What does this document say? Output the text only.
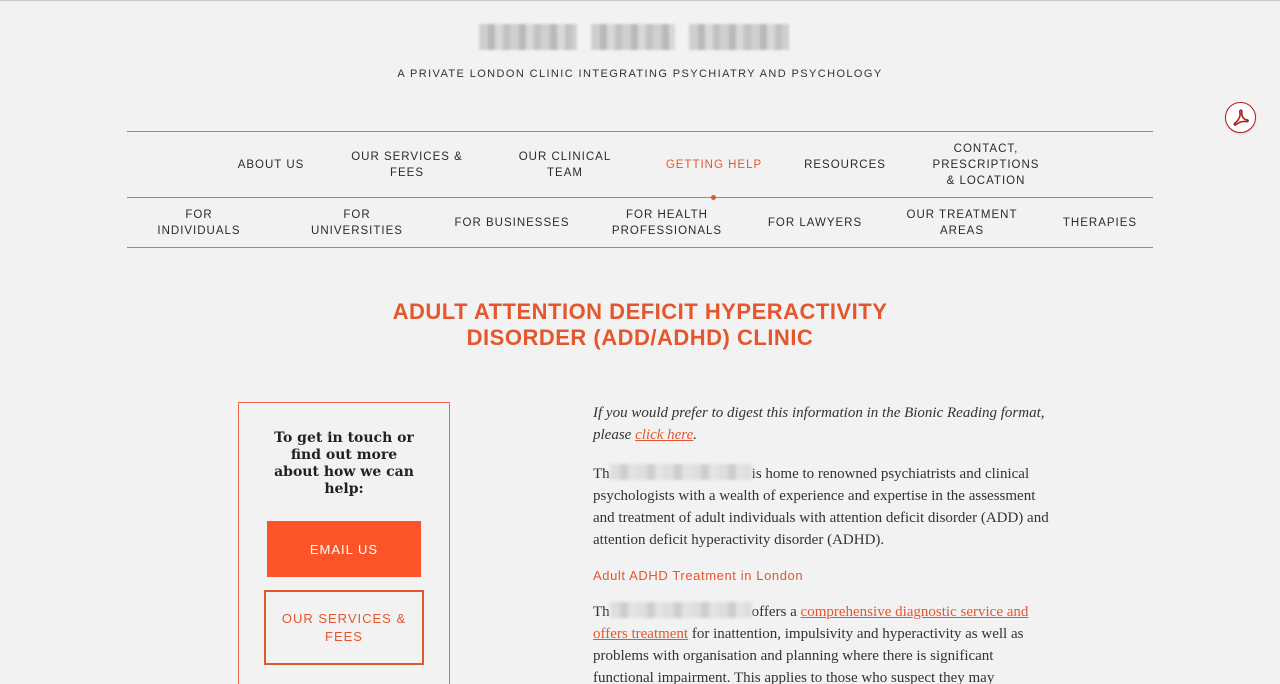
A PRIVATE LONDON CLINIC INTEGRATING PSYCHIATRY AND PSYCHOLOGY
ABOUT US
OUR SERVICES &
FEES
OUR CLINICAL
TEAM
GETTING HELP	RESOURCES
CONTACT,
PRESCRIPTIONS
& LOCATION
FOR
INDIVIDUALS
FOR
UNIVERSITIES
FOR BUSINESSES
FOR HEALTH
PROFESSIONALS
FOR LAWYERS
OUR TREATMENT
AREAS
THERAPIES
ADULT ATTENTION DEFICIT HYPERACTIVITY
DISORDER (ADD/ADHD) CLINIC
To get in touch or find out more about how we can help:
EMAIL US
OUR SERVICES &
FEES

If you would prefer to digest this information in the Bionic Reading format, please click here.

Th	is home to renowned psychiatrists and clinical psychologists with a wealth of experience and expertise in the assessment and treatment of adult individuals with attention deficit disorder (ADD) and attention deficit hyperactivity disorder (ADHD).

Adult ADHD Treatment in London

Th	offers a comprehensive diagnostic service and offers treatment for inattention, impulsivity and hyperactivity as well as problems with organisation and planning where there is significant functional impairment. This applies to those who suspect they may
